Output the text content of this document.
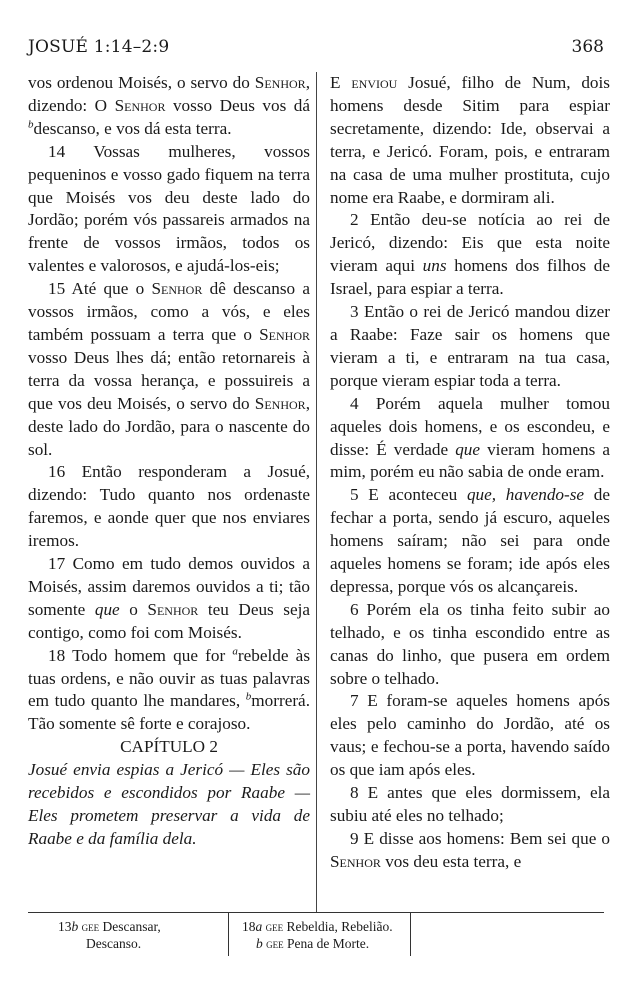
JOSUÉ 1:14–2:9	368

vos ordenou Moisés, o servo do Senhor, dizendo: O Senhor vosso Deus vos dá $^b$descanso, e vos dá esta terra.

14 Vossas mulheres, vossos pequeninos e vosso gado fiquem na terra que Moisés vos deu deste lado do Jordão; porém vós passareis armados na frente de vossos irmãos, todos os valentes e valorosos, e ajudá-los-eis;

15 Até que o Senhor dê descanso a vossos irmãos, como a vós, e eles também possuam a terra que o Senhor vosso Deus lhes dá; então retornareis à terra da vossa herança, e possuireis a que vos deu Moisés, o servo do Senhor, deste lado do Jordão, para o nascente do sol.

16 Então responderam a Josué, dizendo: Tudo quanto nos ordenaste faremos, e aonde quer que nos enviares iremos.

17 Como em tudo demos ouvidos a Moisés, assim daremos ouvidos a ti; tão somente que o Senhor teu Deus seja contigo, como foi com Moisés.

18 Todo homem que for $^a$rebelde às tuas ordens, e não ouvir as tuas palavras em tudo quanto lhe mandares, $^b$morrerá. Tão somente sê forte e corajoso.

CAPÍTULO 2

Josué envia espias a Jericó — Eles são recebidos e escondidos por Raabe — Eles prometem preservar a vida de Raabe e da família dela.

E enviou Josué, filho de Num, dois homens desde Sitim para espiar secretamente, dizendo: Ide, observai a terra, e Jericó. Foram, pois, e entraram na casa de uma mulher prostituta, cujo nome era Raabe, e dormiram ali.

2 Então deu-se notícia ao rei de Jericó, dizendo: Eis que esta noite vieram aqui uns homens dos filhos de Israel, para espiar a terra.

3 Então o rei de Jericó mandou dizer a Raabe: Faze sair os homens que vieram a ti, e entraram na tua casa, porque vieram espiar toda a terra.

4 Porém aquela mulher tomou aqueles dois homens, e os escondeu, e disse: É verdade que vieram homens a mim, porém eu não sabia de onde eram.

5 E aconteceu que, havendo-se de fechar a porta, sendo já escuro, aqueles homens saíram; não sei para onde aqueles homens se foram; ide após eles depressa, porque vós os alcançareis.

6 Porém ela os tinha feito subir ao telhado, e os tinha escondido entre as canas do linho, que pusera em ordem sobre o telhado.

7 E foram-se aqueles homens após eles pelo caminho do Jordão, até os vaus; e fechou-se a porta, havendo saído os que iam após eles.

8 E antes que eles dormissem, ela subiu até eles no telhado;

9 E disse aos homens: Bem sei que o Senhor vos deu esta terra, e

13b gee Descansar,
Descanso.
18a gee Rebeldia, Rebelião.
b gee Pena de Morte.
